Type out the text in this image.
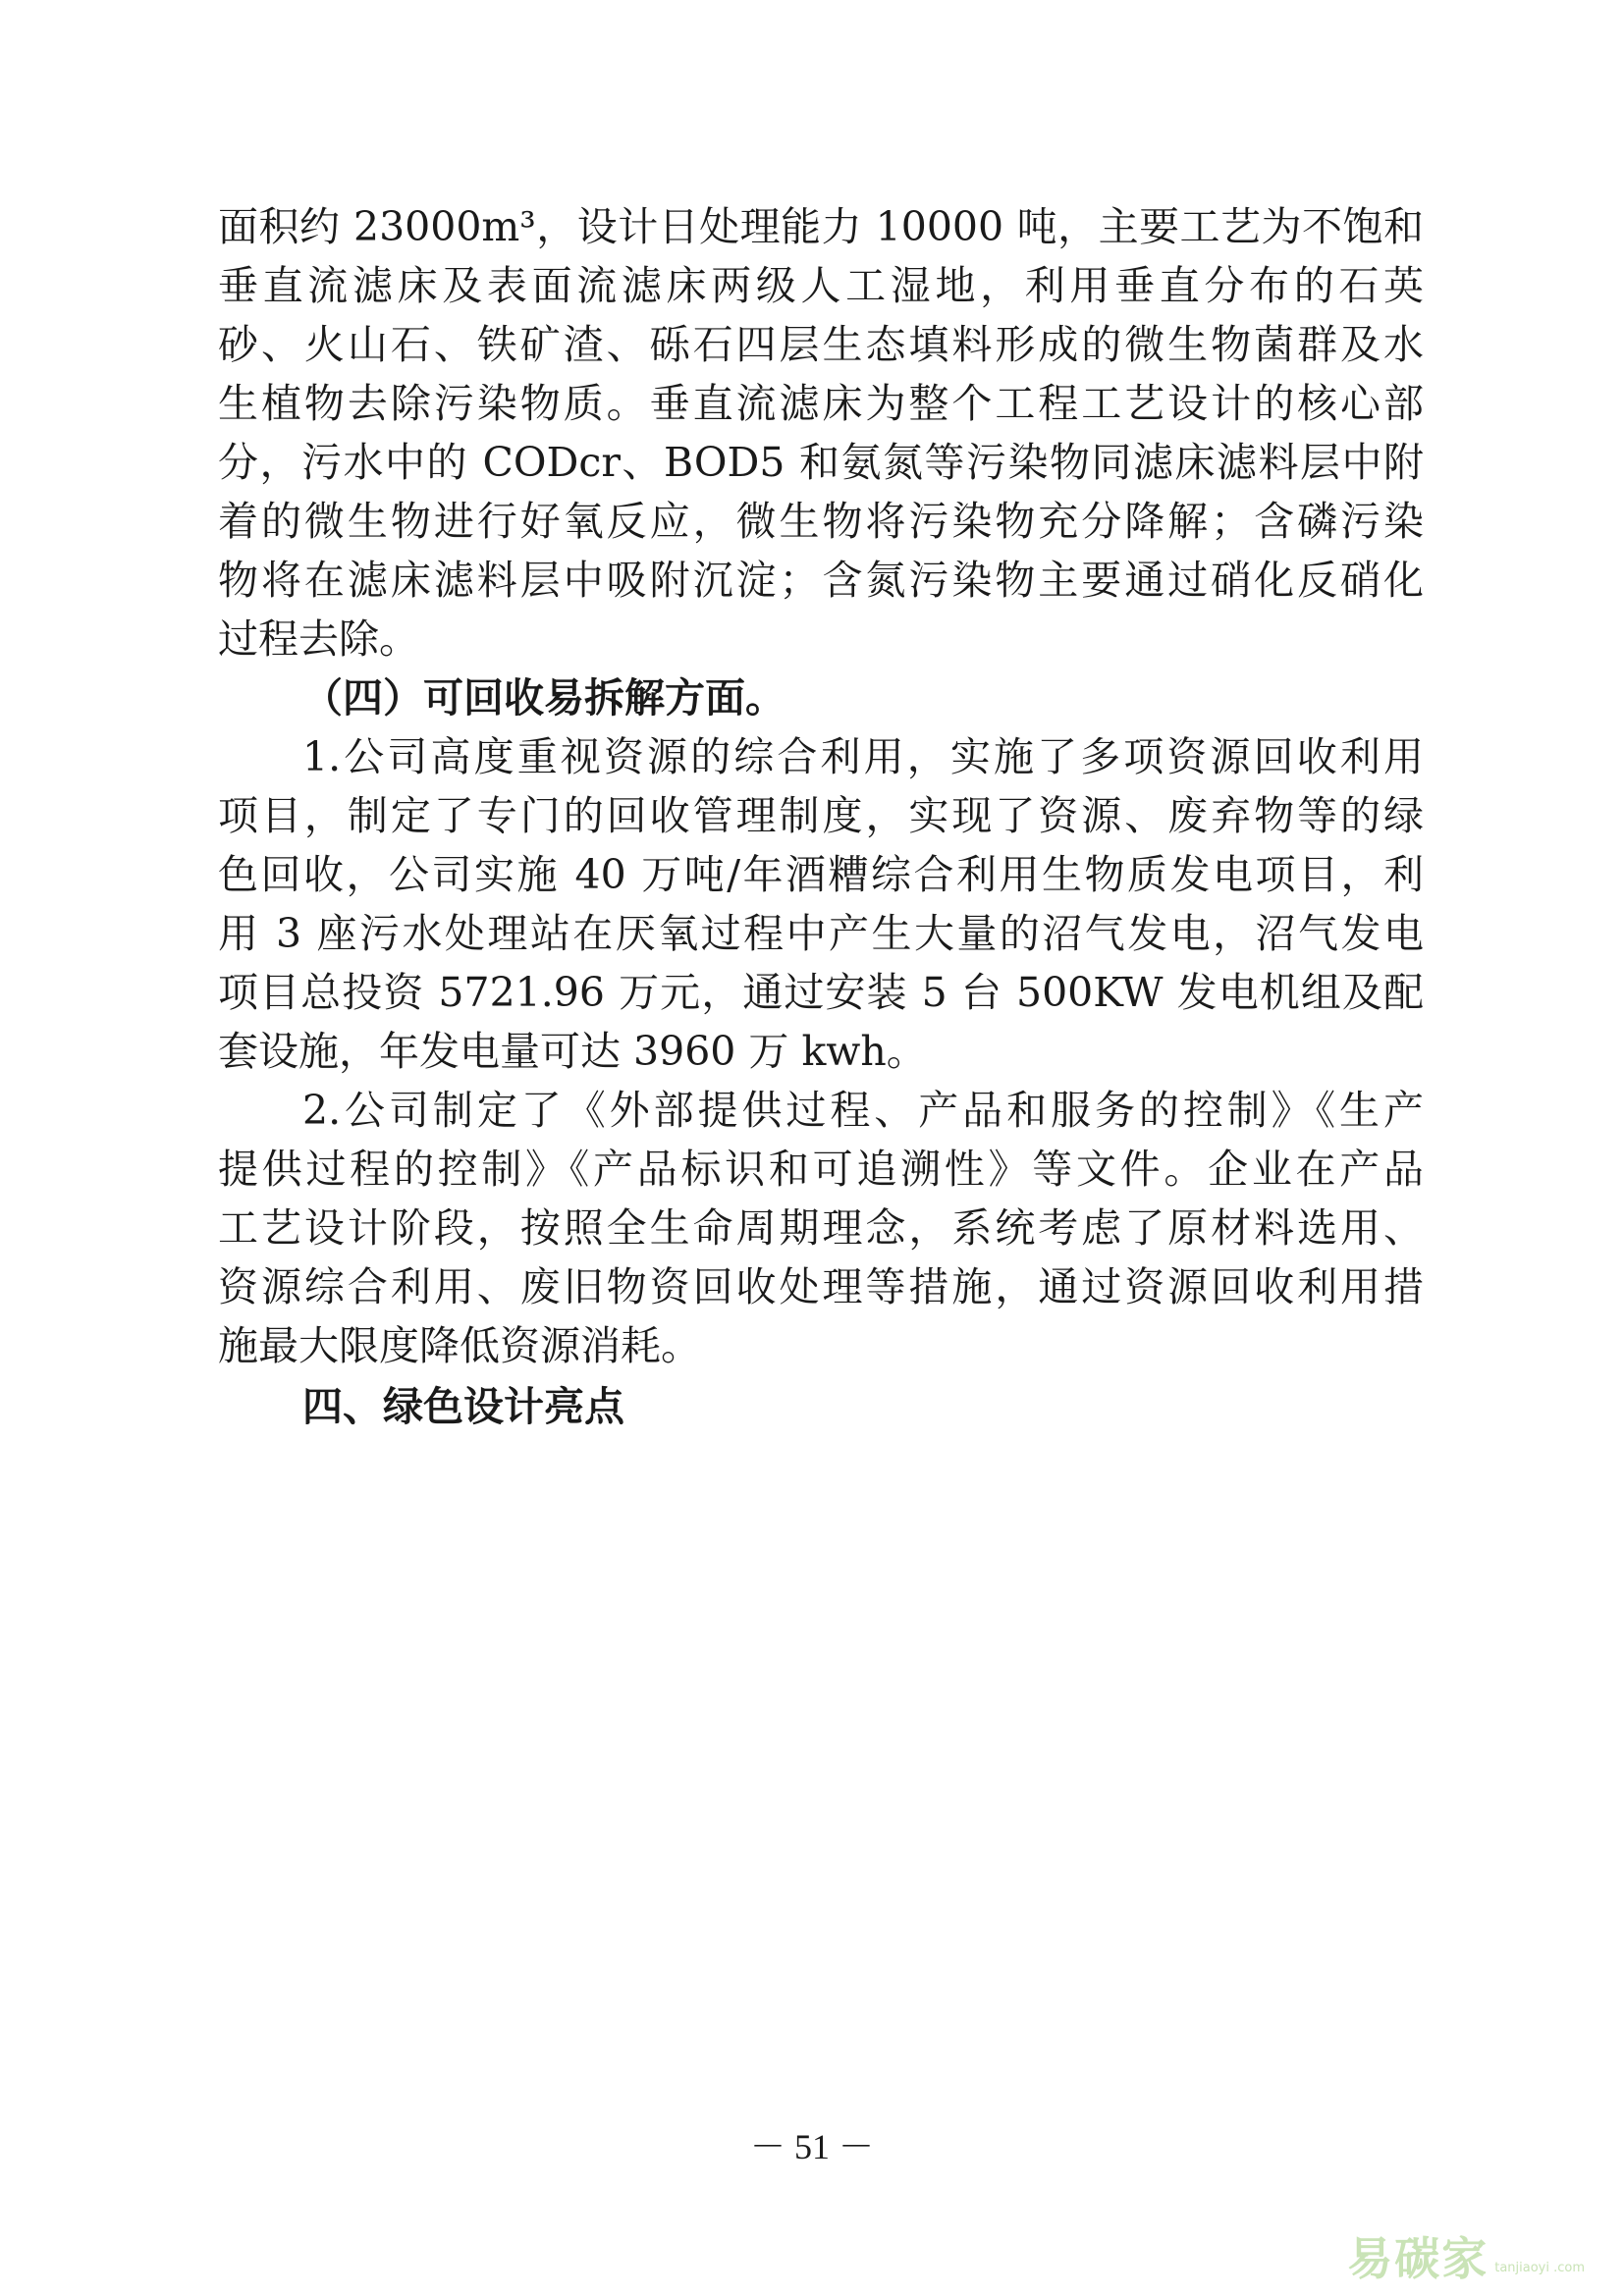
面积约 23000m³，设计日处理能力 10000 吨，主要工艺为不饱和
垂直流滤床及表面流滤床两级人工湿地，利用垂直分布的石英
砂、火山石、铁矿渣、砾石四层生态填料形成的微生物菌群及水
生植物去除污染物质。垂直流滤床为整个工程工艺设计的核心部
分，污水中的 CODcr、BOD5 和氨氮等污染物同滤床滤料层中附
着的微生物进行好氧反应，微生物将污染物充分降解；含磷污染
物将在滤床滤料层中吸附沉淀；含氮污染物主要通过硝化反硝化
过程去除。
（四）可回收易拆解方面。
1.公司高度重视资源的综合利用，实施了多项资源回收利用
项目，制定了专门的回收管理制度，实现了资源、废弃物等的绿
色回收，公司实施 40 万吨/年酒糟综合利用生物质发电项目，利
用 3 座污水处理站在厌氧过程中产生大量的沼气发电，沼气发电
项目总投资 5721.96 万元，通过安装 5 台 500KW 发电机组及配
套设施，年发电量可达 3960 万 kwh。
2.公司制定了《外部提供过程、产品和服务的控制》《生产
提供过程的控制》《产品标识和可追溯性》等文件。企业在产品
工艺设计阶段，按照全生命周期理念，系统考虑了原材料选用、
资源综合利用、废旧物资回收处理等措施，通过资源回收利用措
施最大限度降低资源消耗。
四、绿色设计亮点
－ 51 －
易碳家 tanjiaoyi .com
